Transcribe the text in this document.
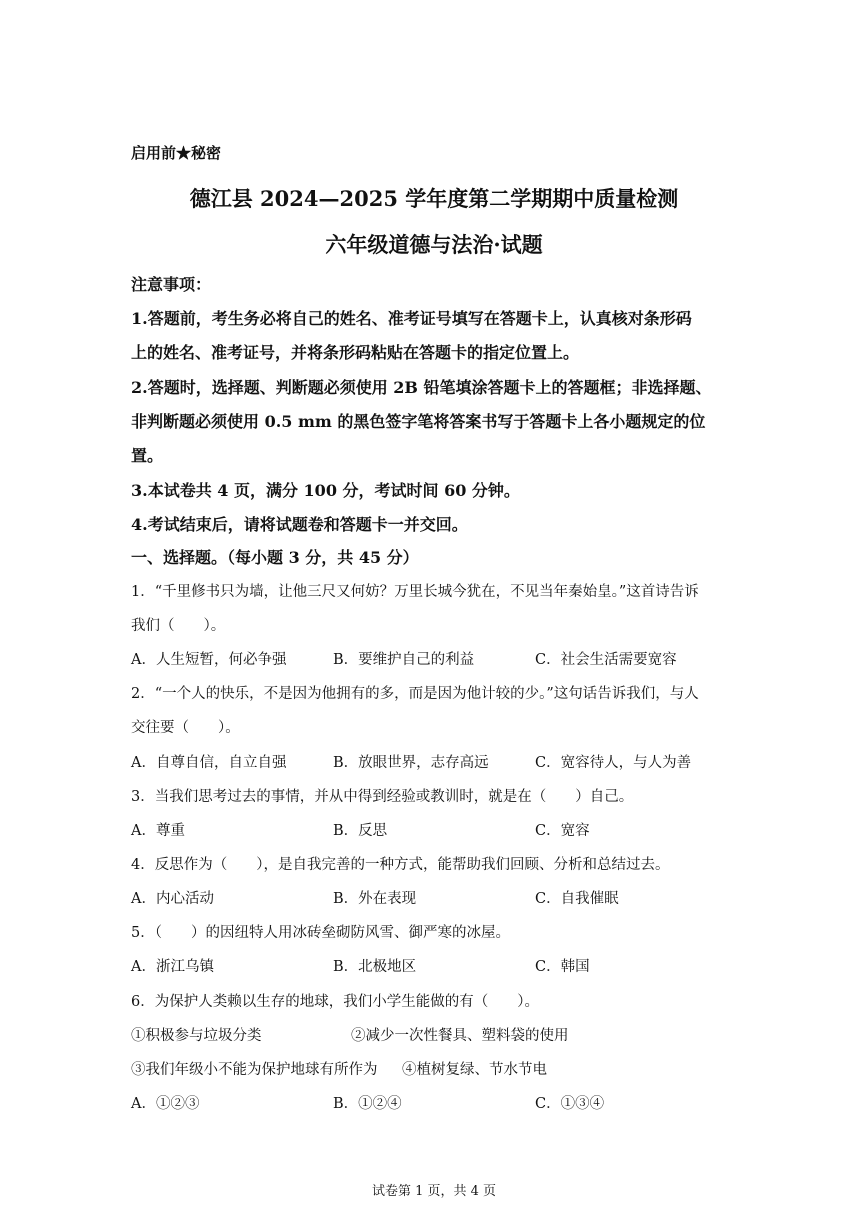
启用前★秘密
德江县 2024—2025 学年度第二学期期中质量检测
六年级道德与法治·试题
注意事项：
1.答题前，考生务必将自己的姓名、准考证号填写在答题卡上，认真核对条形码
上的姓名、准考证号，并将条形码粘贴在答题卡的指定位置上。
2.答题时，选择题、判断题必须使用 2B 铅笔填涂答题卡上的答题框；非选择题、
非判断题必须使用 0.5 mm 的黑色签字笔将答案书写于答题卡上各小题规定的位
置。
3.本试卷共 4 页，满分 100 分，考试时间 60 分钟。
4.考试结束后，请将试题卷和答题卡一并交回。
一、选择题。（每小题 3 分，共 45 分）
1．“千里修书只为墙，让他三尺又何妨？万里长城今犹在，不见当年秦始皇。”这首诗告诉
我们（　　）。
A．人生短暂，何必争强	B．要维护自己的利益	C．社会生活需要宽容
2．“一个人的快乐，不是因为他拥有的多，而是因为他计较的少。”这句话告诉我们，与人
交往要（　　）。
A．自尊自信，自立自强	B．放眼世界，志存高远	C．宽容待人，与人为善
3．当我们思考过去的事情，并从中得到经验或教训时，就是在（　　）自己。
A．尊重	B．反思	C．宽容
4．反思作为（　　），是自我完善的一种方式，能帮助我们回顾、分析和总结过去。
A．内心活动	B．外在表现	C．自我催眠
5．（　　）的因纽特人用冰砖垒砌防风雪、御严寒的冰屋。
A．浙江乌镇	B．北极地区	C．韩国
6．为保护人类赖以生存的地球，我们小学生能做的有（　　）。
①积极参与垃圾分类	②减少一次性餐具、塑料袋的使用
③我们年级小不能为保护地球有所作为 ④植树复绿、节水节电
A．①②③	B．①②④	C．①③④
试卷第 1 页，共 4 页
